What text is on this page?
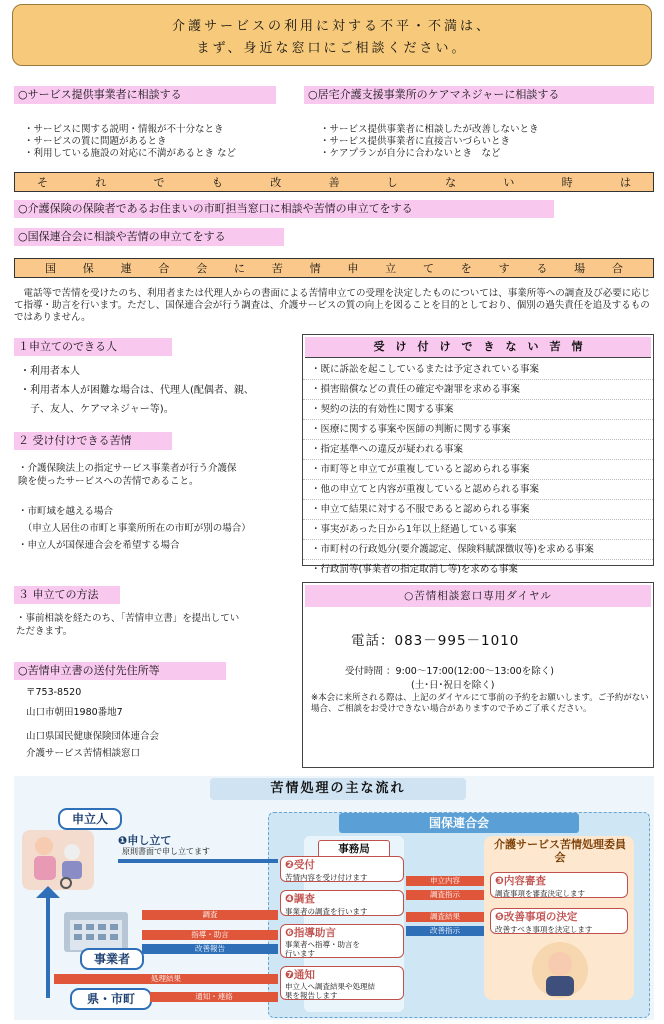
介護サービスの利用に対する不平・不満は、
まず、身近な窓口にご相談ください。
○サービス提供事業者に相談する
・サービスに関する説明・情報が不十分なとき
・サービスの質に問題があるとき
・利用している施設の対応に不満があるとき など
○居宅介護支援事業所のケアマネジャーに相談する
・サービス提供事業者に相談したが改善しないとき
・サービス提供事業者に直接言いづらいとき
・ケアプランが自分に合わないとき　など
そ	れ	で	も	改	善	し	な	い	時	は
○介護保険の保険者であるお住まいの市町担当窓口に相談や苦情の申立てをする
○国保連合会に相談や苦情の申立てをする
国 保 連 合 会 に 苦 情 申 立 て を す る 場 合
　電話等で苦情を受けたのち、利用者または代理人からの書面による苦情申立ての受理を決定したものについては、事業所等への調査及び必要に応じて指導・助言を行います。ただし、国保連合会が行う調査は、介護サービスの質の向上を図ることを目的としており、個別の過失責任を追及するものではありません。
１申立てのできる人
・利用者本人
・利用者本人が困難な場合は、代理人(配偶者、親、
　子、友人、ケアマネジャー等)。
２ 受け付けできる苦情
・介護保険法上の指定サービス事業者が行う介護保
険を使ったサービスへの苦情であること。
・市町域を越える場合
　（申立人居住の市町と事業所所在の市町が別の場合）
・申立人が国保連合会を希望する場合
受　け　付　け　で　き　な　い　苦　情
・既に訴訟を起こしているまたは予定されている事案
・損害賠償などの責任の確定や謝罪を求める事案
・契約の法的有効性に関する事案
・医療に関する事案や医師の判断に関する事案
・指定基準への違反が疑われる事案
・市町等と申立てが重複していると認められる事案
・他の申立てと内容が重複していると認められる事案
・申立て結果に対する不服であると認められる事案
・事実があった日から1年以上経過している事案
・市町村の行政処分(要介護認定、保険料賦課徴収等)を求める事案
・行政罰等(事業者の指定取消し等)を求める事案
３ 申立ての方法
・事前相談を経たのち、「苦情申立書」を提出してい
ただきます。
○苦情申立書の送付先住所等
〒753-8520
山口市朝田1980番地7
山口県国民健康保険団体連合会
介護サービス苦情相談窓口
○苦情相談窓口専用ダイヤル
電話：083－995－1010
受付時間 ：9:00～17:00(12:00～13:00を除く)
(土･日･祝日を除く)
※本会に来所される際は、上記のダイヤルにて事前の予約をお願いします。ご予約がない場合、ご相談をお受けできない場合がありますので予めご了承ください。
苦情処理の主な流れ
国保連合会
申立人
❶申し立て
原則書面で申し立てます
事業者
県・市町
事務局
❷受付
苦情内容を受け付けます
❹調査
事業者の調査を行います
❻指導助言
事業者へ指導・助言を行います
❼通知
申立人へ調査結果や処理結果を報告します
介護サービス苦情処理委員会
❸内容審査
調査事項を審査決定します
❺改善事項の決定
改善すべき事項を決定します
申立内容
調査指示
調査結果
改善指示
調査
指導・助言
改善報告
処理結果
通知・連絡
